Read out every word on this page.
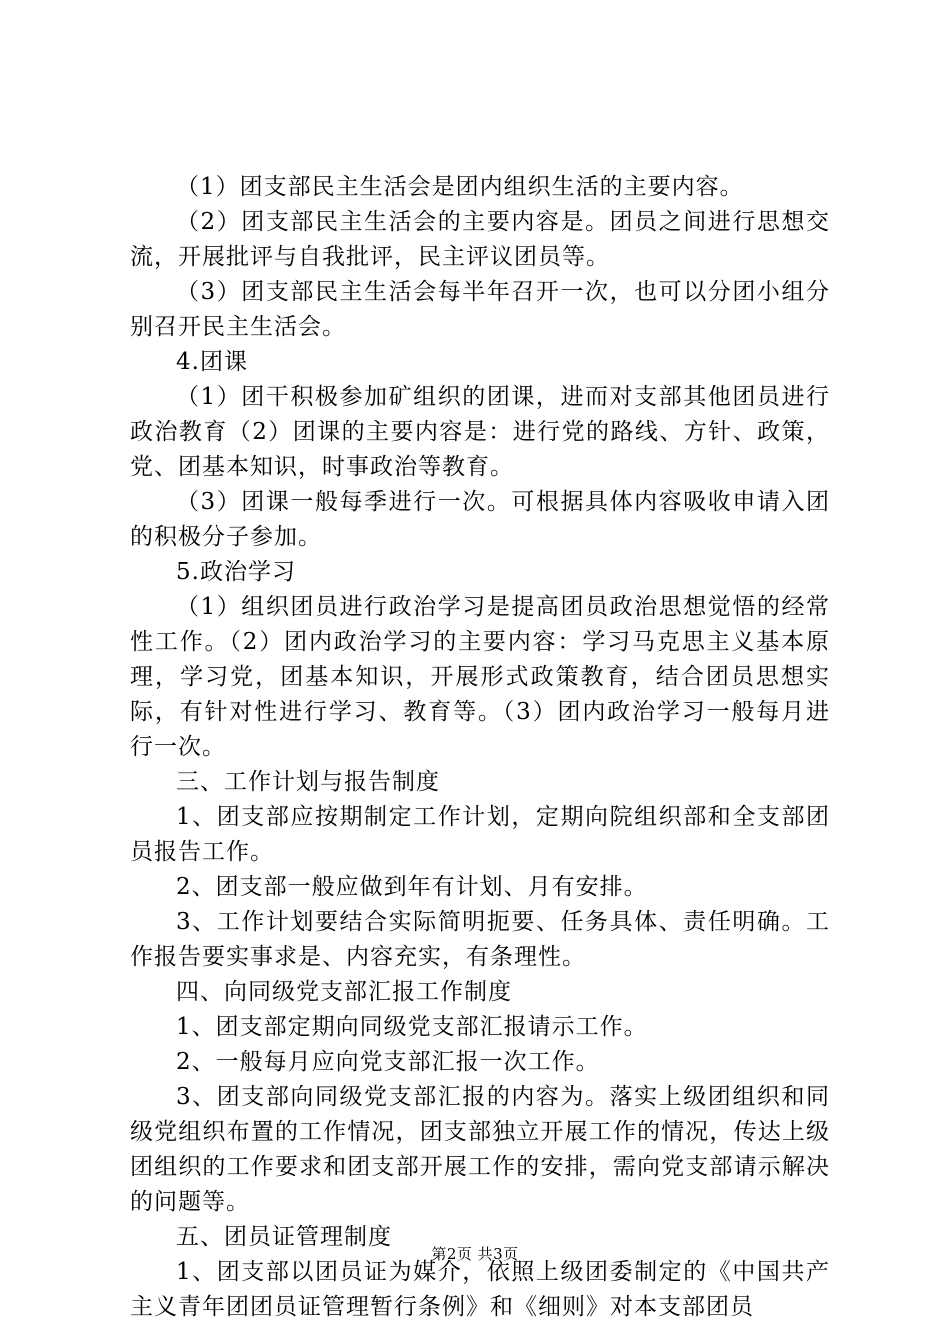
（1）团支部民主生活会是团内组织生活的主要内容。

（2）团支部民主生活会的主要内容是。团员之间进行思想交流，开展批评与自我批评，民主评议团员等。

（3）团支部民主生活会每半年召开一次，也可以分团小组分别召开民主生活会。

4.团课

（1）团干积极参加矿组织的团课，进而对支部其他团员进行政治教育（2）团课的主要内容是：进行党的路线、方针、政策，党、团基本知识，时事政治等教育。

（3）团课一般每季进行一次。可根据具体内容吸收申请入团的积极分子参加。

5.政治学习

（1）组织团员进行政治学习是提高团员政治思想觉悟的经常性工作。（2）团内政治学习的主要内容：学习马克思主义基本原理，学习党，团基本知识，开展形式政策教育，结合团员思想实际，有针对性进行学习、教育等。（3）团内政治学习一般每月进行一次。

三、工作计划与报告制度

1、团支部应按期制定工作计划，定期向院组织部和全支部团员报告工作。

2、团支部一般应做到年有计划、月有安排。

3、工作计划要结合实际简明扼要、任务具体、责任明确。工作报告要实事求是、内容充实，有条理性。

四、向同级党支部汇报工作制度

1、团支部定期向同级党支部汇报请示工作。

2、一般每月应向党支部汇报一次工作。

3、团支部向同级党支部汇报的内容为。落实上级团组织和同级党组织布置的工作情况，团支部独立开展工作的情况，传达上级团组织的工作要求和团支部开展工作的安排，需向党支部请示解决的问题等。

五、团员证管理制度

1、团支部以团员证为媒介，依照上级团委制定的《中国共产主义青年团团员证管理暂行条例》和《细则》对本支部团员

第2页 共3页
